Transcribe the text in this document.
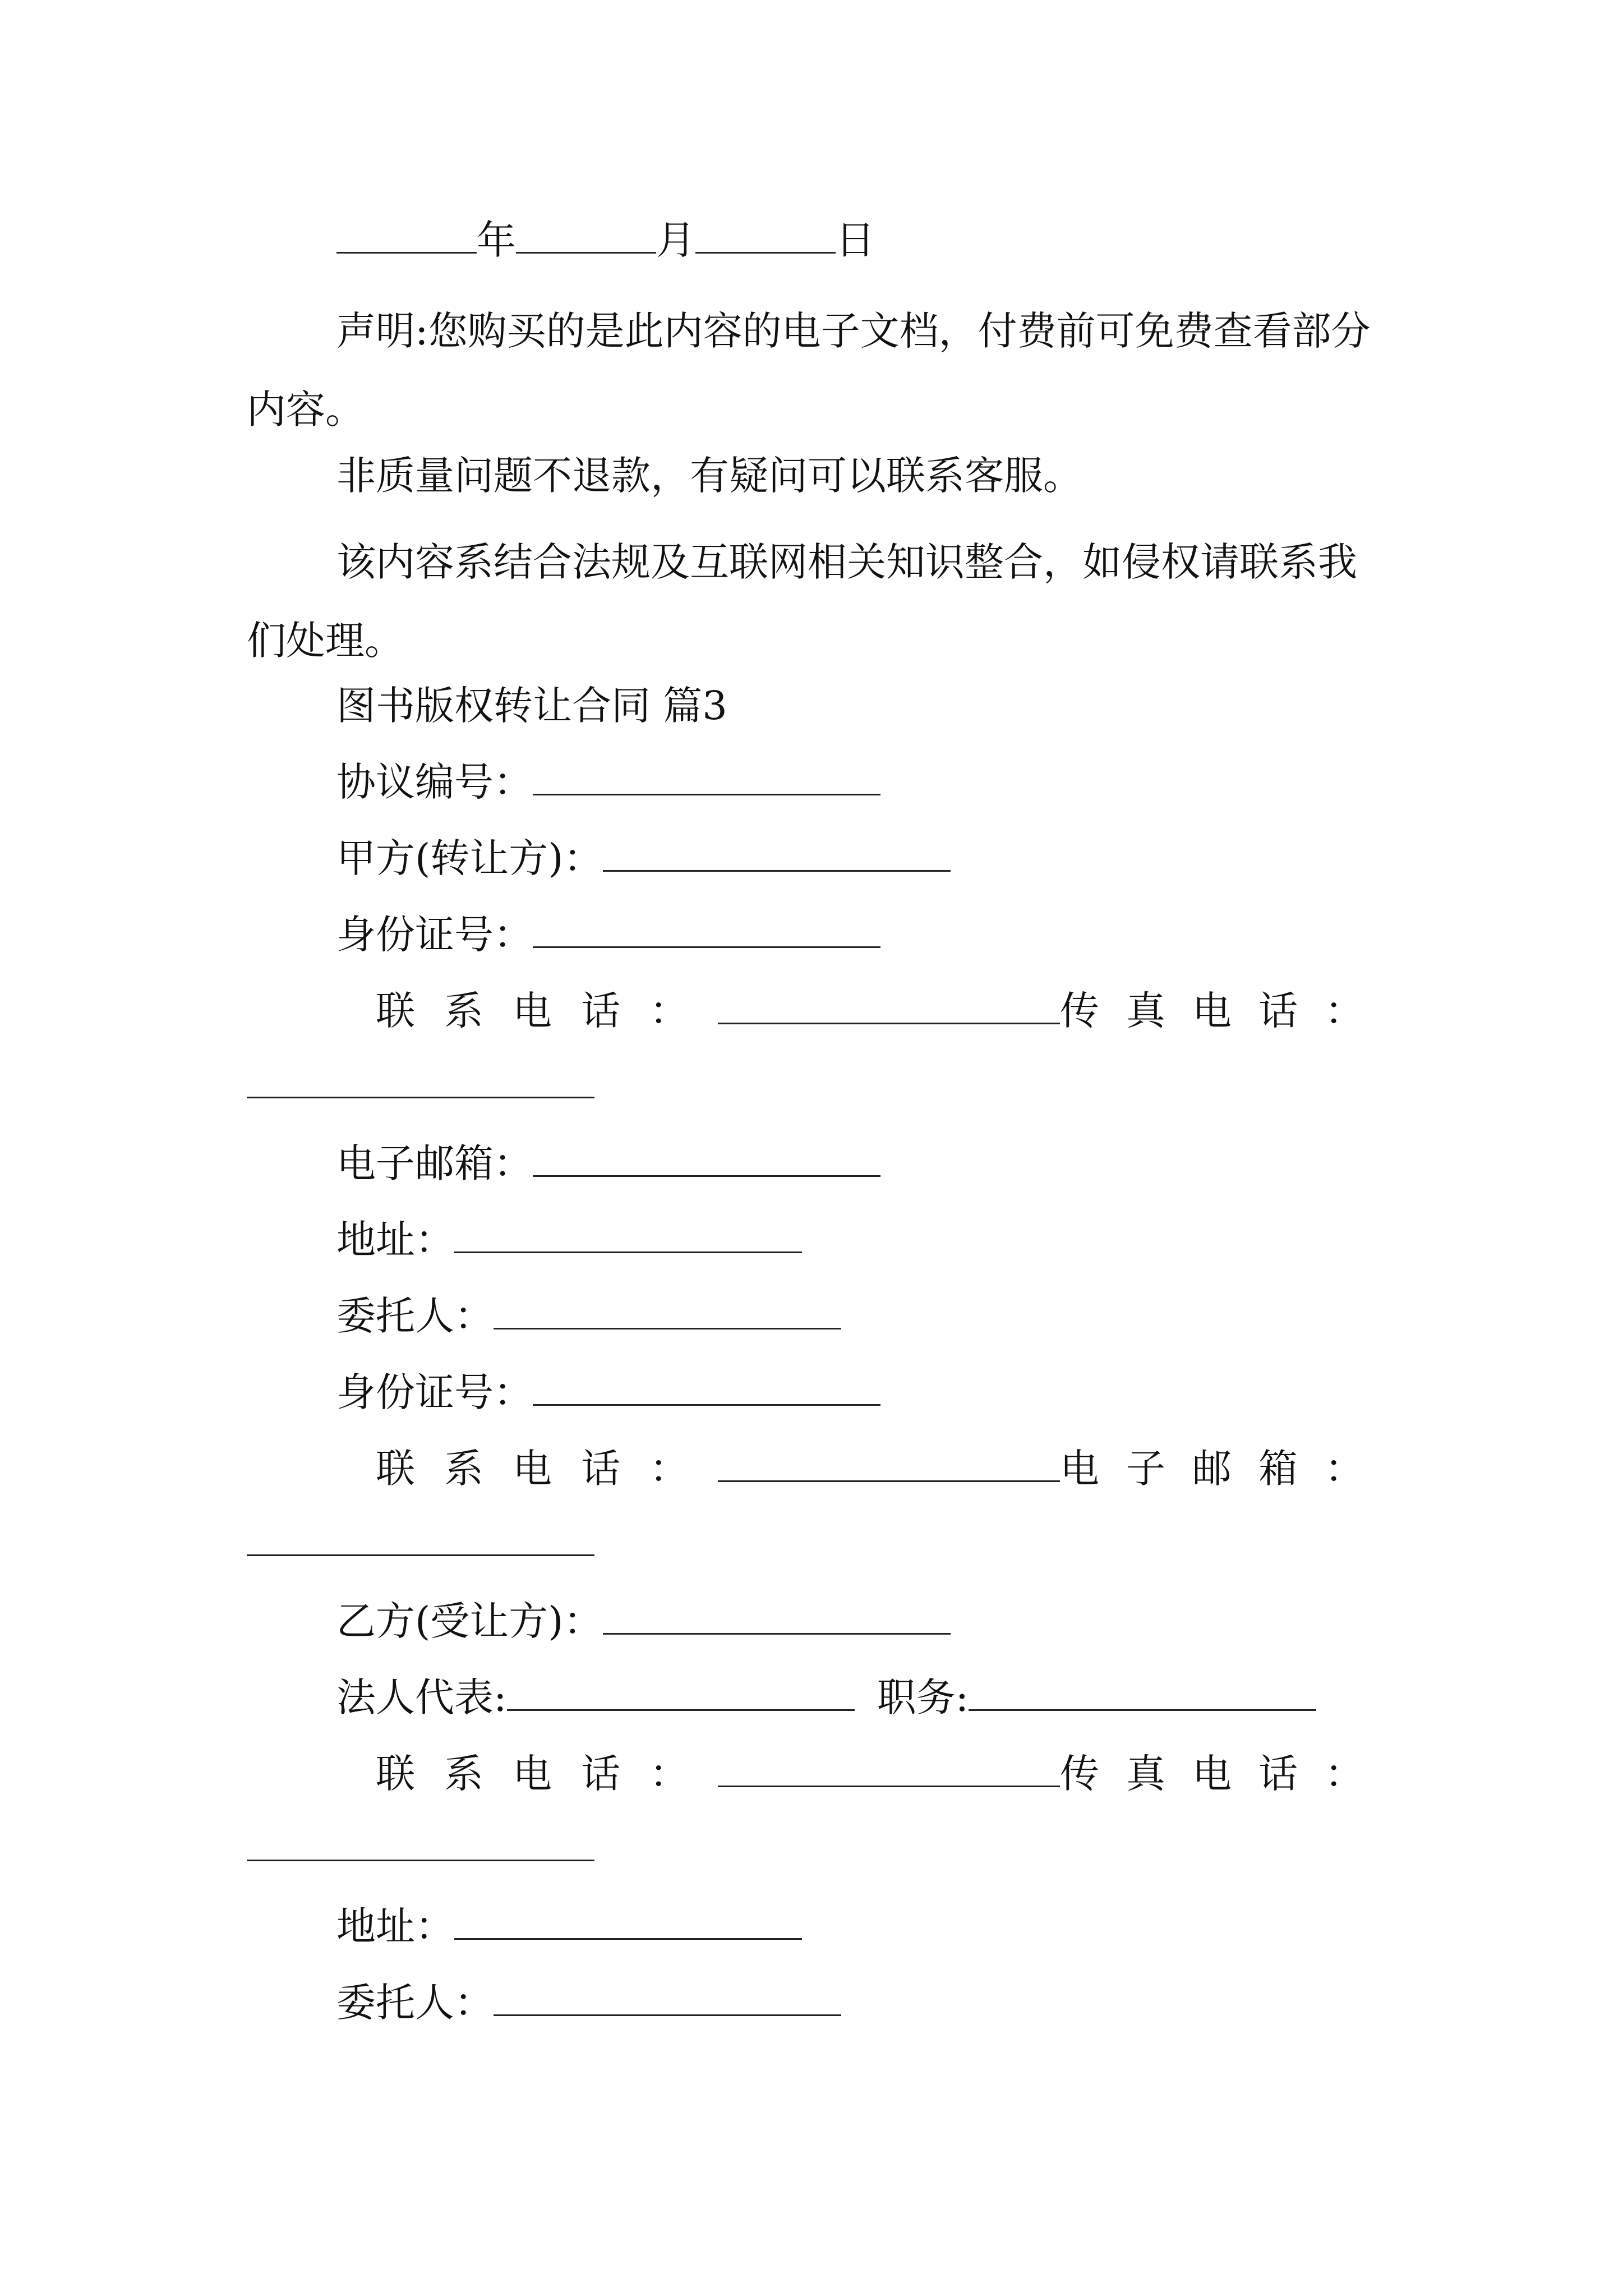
年	月	日
声明:您购买的是此内容的电子文档，付费前可免费查看部分内容。
非质量问题不退款，有疑问可以联系客服。
该内容系结合法规及互联网相关知识整合，如侵权请联系我们处理。
图书版权转让合同 篇3
协议编号：
甲方(转让方)：
身份证号：
联系电话：	传真电话：
电子邮箱：
地址：
委托人：
身份证号：
联系电话：	电子邮箱：
乙方(受让方)：
法人代表:	职务:
联系电话：	传真电话：
地址：
委托人：
